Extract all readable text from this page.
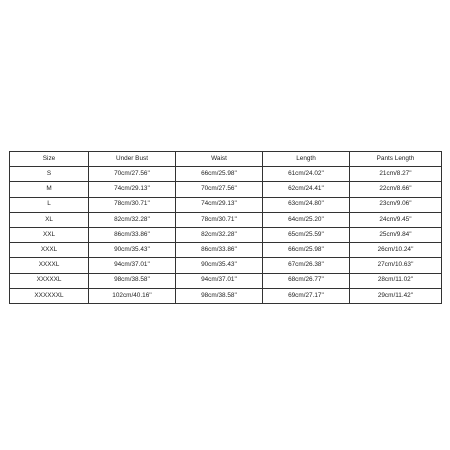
Size	Under Bust	Waist	Length	Pants Length
S	70cm/27.56''	66cm/25.98''	61cm/24.02''	21cm/8.27''
M	74cm/29.13''	70cm/27.56''	62cm/24.41''	22cm/8.66''
L	78cm/30.71''	74cm/29.13''	63cm/24.80''	23cm/9.06''
XL	82cm/32.28''	78cm/30.71''	64cm/25.20''	24cm/9.45''
XXL	86cm/33.86''	82cm/32.28''	65cm/25.59''	25cm/9.84''
XXXL	90cm/35.43''	86cm/33.86''	66cm/25.98''	26cm/10.24''
XXXXL	94cm/37.01''	90cm/35.43''	67cm/26.38''	27cm/10.63''
XXXXXL	98cm/38.58''	94cm/37.01''	68cm/26.77''	28cm/11.02''
XXXXXXL	102cm/40.16''	98cm/38.58''	69cm/27.17''	29cm/11.42''
